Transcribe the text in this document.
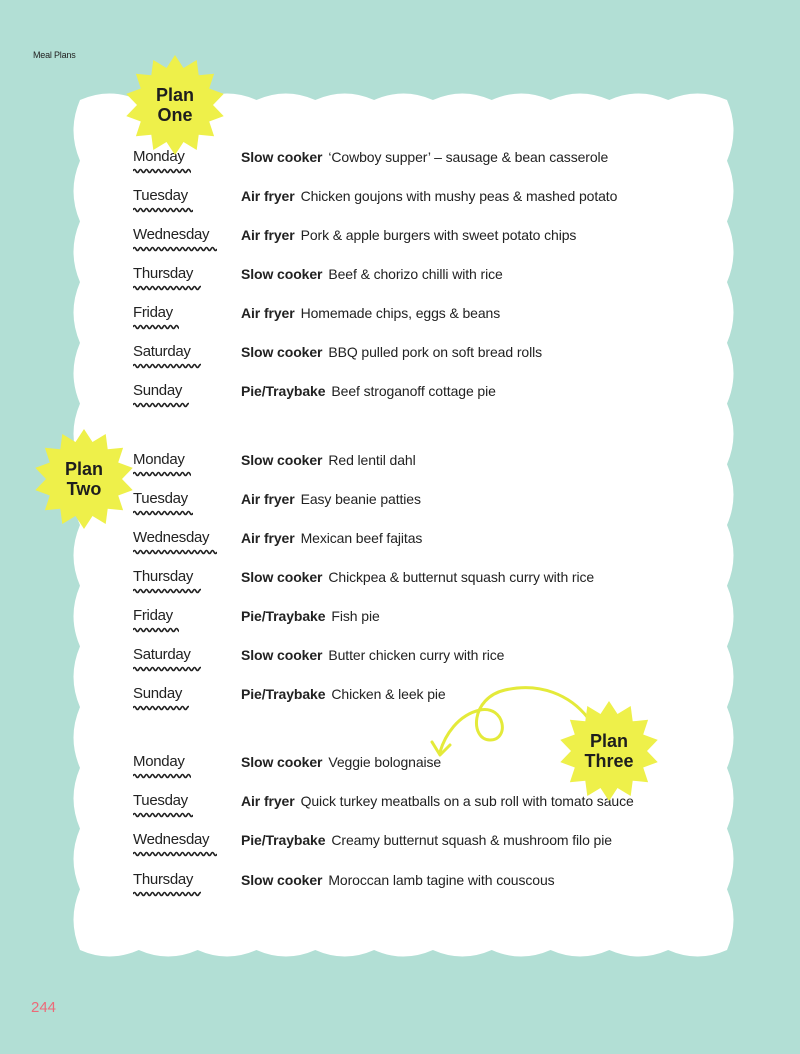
Meal Plans
Monday	Slow cooker ‘Cowboy supper’ – sausage & bean casserole
Tuesday	Air fryer Chicken goujons with mushy peas & mashed potato
Wednesday Air fryer Pork & apple burgers with sweet potato chips
Thursday	Slow cooker Beef & chorizo chilli with rice
Friday	Air fryer Homemade chips, eggs & beans
Saturday	Slow cooker BBQ pulled pork on soft bread rolls
Sunday	Pie/Traybake Beef stroganoff cottage pie
Plan
One
Monday	Slow cooker Red lentil dahl
Tuesday	Air fryer Easy beanie patties
Wednesday Air fryer Mexican beef fajitas
Thursday	Slow cooker Chickpea & butternut squash curry with rice
Friday	Pie/Traybake Fish pie
Saturday	Slow cooker Butter chicken curry with rice
Sunday	Pie/Traybake Chicken & leek pie
Plan
Two
Monday	Slow cooker Veggie bolognaise
Tuesday	Air fryer Quick turkey meatballs on a sub roll with tomato sauce
Wednesday Pie/Traybake Creamy butternut squash & mushroom filo pie
Thursday	Slow cooker Moroccan lamb tagine with couscous
Plan
Three
244
